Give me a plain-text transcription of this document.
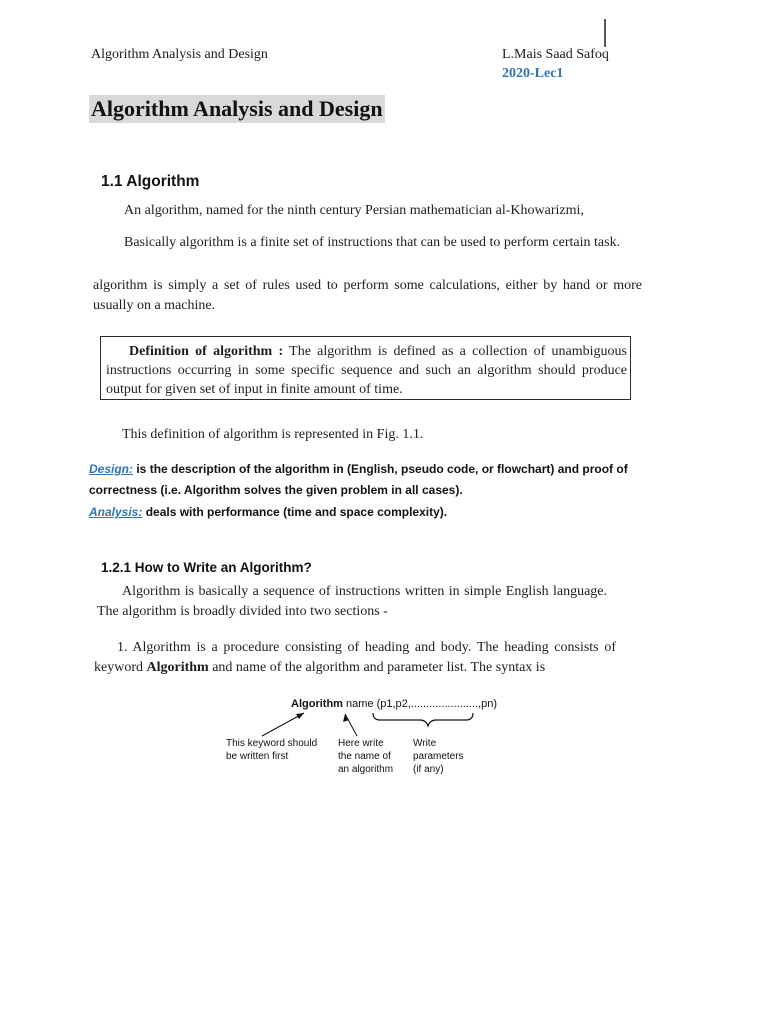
Algorithm Analysis and Design	L.Mais Saad Safoq
2020-Lec1
Algorithm Analysis and Design
1.1 Algorithm
An algorithm, named for the ninth century Persian mathematician al-Khowarizmi,
Basically algorithm is a finite set of instructions that can be used to perform certain task.
algorithm is simply a set of rules used to perform some calculations, either by hand or more usually on a machine.
Definition of algorithm : The algorithm is defined as a collection of unambiguous instructions occurring in some specific sequence and such an algorithm should produce output for given set of input in finite amount of time.
This definition of algorithm is represented in Fig. 1.1.
Design: is the description of the algorithm in (English, pseudo code, or flowchart) and proof of correctness (i.e. Algorithm solves the given problem in all cases).
Analysis: deals with performance (time and space complexity).
1.2.1 How to Write an Algorithm?
Algorithm is basically a sequence of instructions written in simple English language. The algorithm is broadly divided into two sections -
1. Algorithm is a procedure consisting of heading and body. The heading consists of keyword Algorithm and name of the algorithm and parameter list. The syntax is
Algorithm name (p1,p2,......................,pn)
This keyword should be written first
Here write the name of an algorithm
Write parameters (if any)
